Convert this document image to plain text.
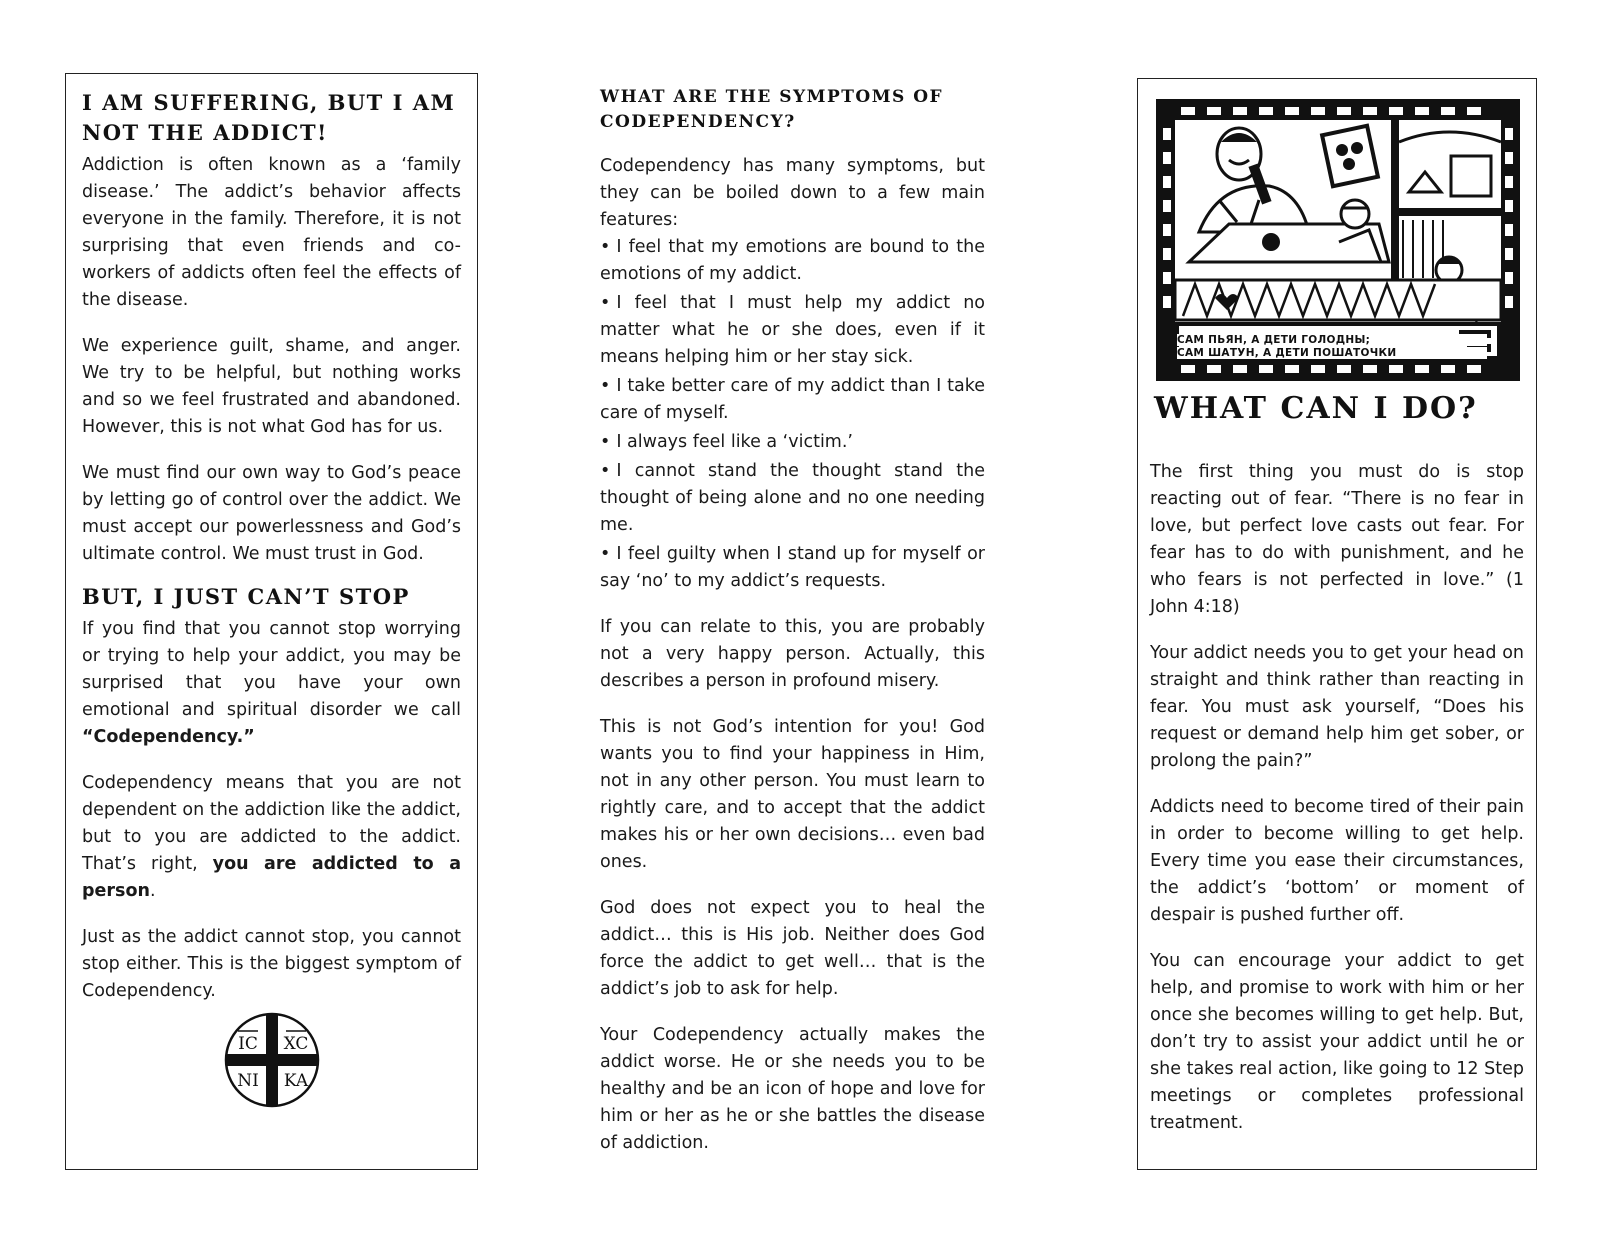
I AM SUFFERING, BUT I AM NOT THE ADDICT!

Addiction is often known as a ‘family disease.’ The addict’s behavior affects everyone in the family. Therefore, it is not surprising that even friends and co-workers of addicts often feel the effects of the disease.

We experience guilt, shame, and anger. We try to be helpful, but nothing works and so we feel frustrated and abandoned. However, this is not what God has for us.

We must find our own way to God’s peace by letting go of control over the addict. We must accept our powerlessness and God’s ultimate control. We must trust in God.

BUT, I JUST CAN’T STOP

If you find that you cannot stop worrying or trying to help your addict, you may be surprised that you have your own emotional and spiritual disorder we call “Codependency.”

Codependency means that you are not dependent on the addiction like the addict, but to you are addicted to the addict. That’s right, you are addicted to a person.

Just as the addict cannot stop, you cannot stop either. This is the biggest symptom of Codependency.

IC XC
NI KA
WHAT ARE THE SYMPTOMS OF CODEPENDENCY?

Codependency has many symptoms, but they can be boiled down to a few main features:

• I feel that my emotions are bound to the emotions of my addict.

• I feel that I must help my addict no matter what he or she does, even if it means helping him or her stay sick.

• I take better care of my addict than I take care of myself.

• I always feel like a ‘victim.’

• I cannot stand the thought stand the thought of being alone and no one needing me.

• I feel guilty when I stand up for myself or say ‘no’ to my addict’s requests.

If you can relate to this, you are probably not a very happy person. Actually, this describes a person in profound misery.

This is not God’s intention for you! God wants you to find your happiness in Him, not in any other person. You must learn to rightly care, and to accept that the addict makes his or her own decisions… even bad ones.

God does not expect you to heal the addict… this is His job. Neither does God force the addict to get well… that is the addict’s job to ask for help.

Your Codependency actually makes the addict worse. He or she needs you to be healthy and be an icon of hope and love for him or her as he or she battles the disease of addiction.

САМ ПЬЯН, А ДЕТИ ГОЛОДНЫ;
САМ ШАТУН, А ДЕТИ ПОШАТОЧКИ
WHAT CAN I DO?

The first thing you must do is stop reacting out of fear. “There is no fear in love, but perfect love casts out fear. For fear has to do with punishment, and he who fears is not perfected in love.” (1 John 4:18)

Your addict needs you to get your head on straight and think rather than reacting in fear. You must ask yourself, “Does his request or demand help him get sober, or prolong the pain?”

Addicts need to become tired of their pain in order to become willing to get help. Every time you ease their circumstances, the addict’s ‘bottom’ or moment of despair is pushed further off.

You can encourage your addict to get help, and promise to work with him or her once she becomes willing to get help. But, don’t try to assist your addict until he or she takes real action, like going to 12 Step meetings or completes professional treatment.
